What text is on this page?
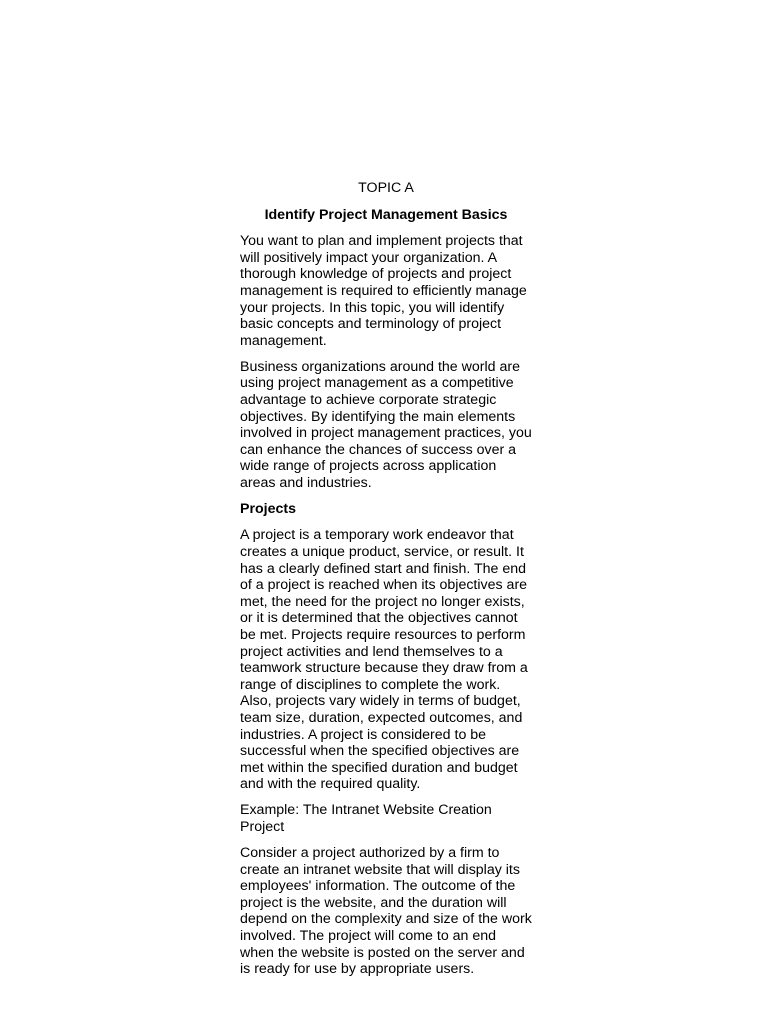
TOPIC A
Identify Project Management Basics

You want to plan and implement projects that will positively impact your organization. A thorough knowledge of projects and project management is required to efficiently manage your projects. In this topic, you will identify basic concepts and terminology of project management.

Business organizations around the world are using project management as a competitive advantage to achieve corporate strategic objectives. By identifying the main elements involved in project management practices, you can enhance the chances of success over a wide range of projects across application areas and industries.

Projects

A project is a temporary work endeavor that creates a unique product, service, or result. It has a clearly defined start and finish. The end of a project is reached when its objectives are met, the need for the project no longer exists, or it is determined that the objectives cannot be met. Projects require resources to perform project activities and lend themselves to a teamwork structure because they draw from a range of disciplines to complete the work. Also, projects vary widely in terms of budget, team size, duration, expected outcomes, and industries. A project is considered to be successful when the specified objectives are met within the specified duration and budget and with the required quality.

Example: The Intranet Website Creation Project

Consider a project authorized by a firm to create an intranet website that will display its employees' information. The outcome of the project is the website, and the duration will depend on the complexity and size of the work involved. The project will come to an end when the website is posted on the server and is ready for use by appropriate users.
